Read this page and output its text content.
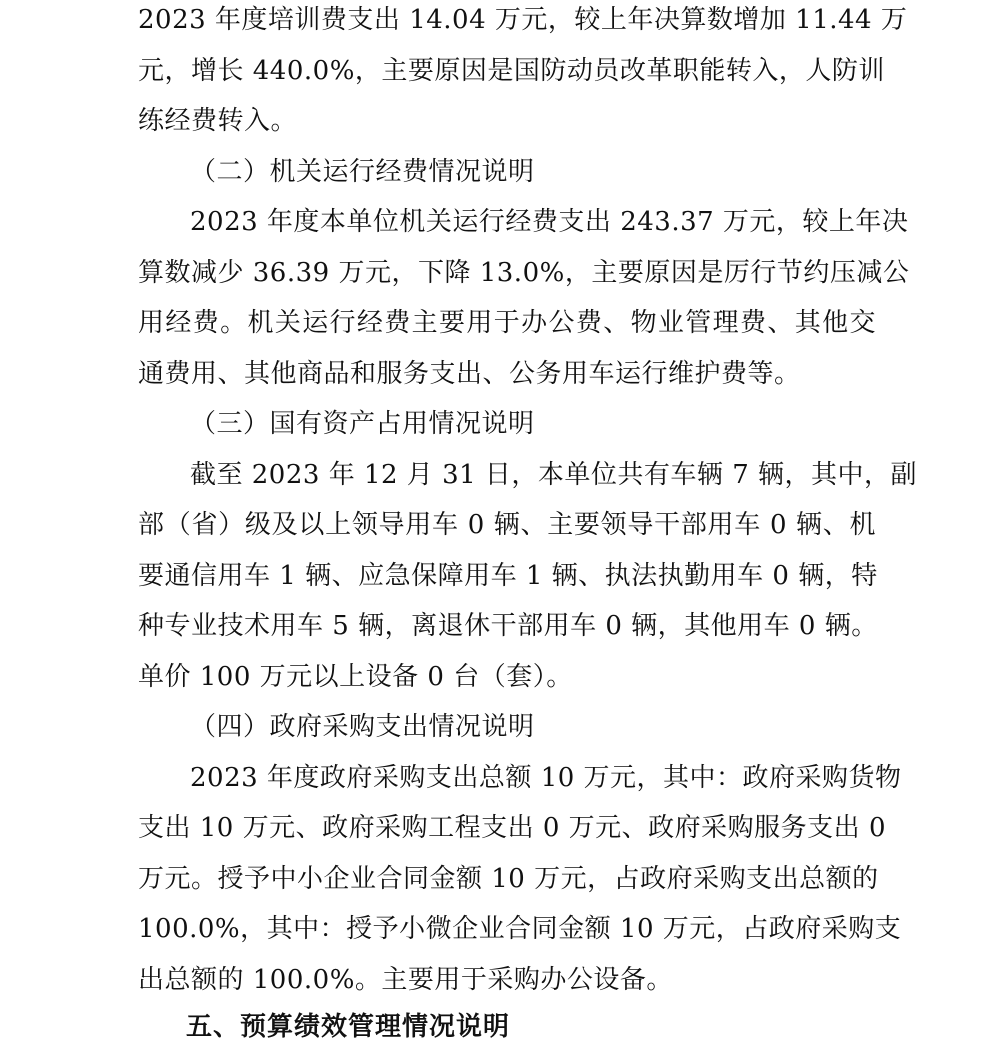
2023 年度培训费支出 14.04 万元，较上年决算数增加 11.44 万
元，增长 440.0%，主要原因是国防动员改革职能转入，人防训
练经费转入。
（二）机关运行经费情况说明
2023 年度本单位机关运行经费支出 243.37 万元，较上年决
算数减少 36.39 万元，下降 13.0%，主要原因是厉行节约压减公
用经费。机关运行经费主要用于办公费、物业管理费、其他交
通费用、其他商品和服务支出、公务用车运行维护费等。
（三）国有资产占用情况说明
截至 2023 年 12 月 31 日，本单位共有车辆 7 辆，其中，副
部（省）级及以上领导用车 0 辆、主要领导干部用车 0 辆、机
要通信用车 1 辆、应急保障用车 1 辆、执法执勤用车 0 辆，特
种专业技术用车 5 辆，离退休干部用车 0 辆，其他用车 0 辆。
单价 100 万元以上设备 0 台（套）。
（四）政府采购支出情况说明
2023 年度政府采购支出总额 10 万元，其中：政府采购货物
支出 10 万元、政府采购工程支出 0 万元、政府采购服务支出 0
万元。授予中小企业合同金额 10 万元，占政府采购支出总额的
100.0%，其中：授予小微企业合同金额 10 万元，占政府采购支
出总额的 100.0%。主要用于采购办公设备。
五、预算绩效管理情况说明
